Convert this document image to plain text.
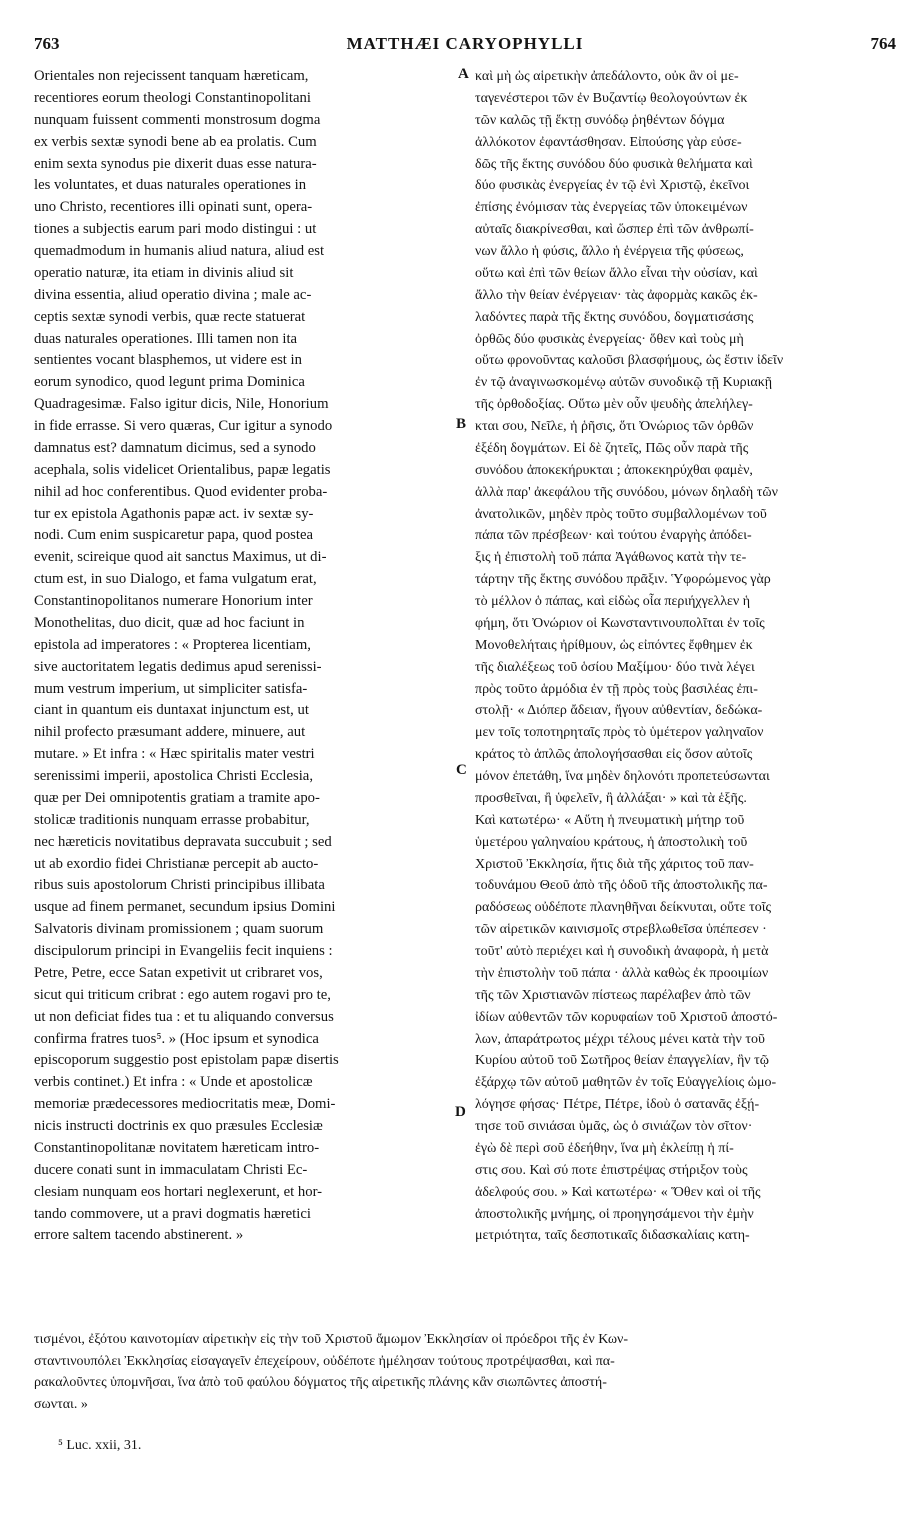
763	MATTHÆI CARYOPHYLLI	764
Orientales non rejecissent tanquam hæreticam,
recentiores eorum theologi Constantinopolitani
nunquam fuissent commenti monstrosum dogma
ex verbis sextæ synodi bene ab ea prolatis. Cum
enim sexta synodus pie dixerit duas esse natura-
les voluntates, et duas naturales operationes in
uno Christo, recentiores illi opinati sunt, opera-
tiones a subjectis earum pari modo distingui : ut
quemadmodum in humanis aliud natura, aliud est
operatio naturæ, ita etiam in divinis aliud sit
divina essentia, aliud operatio divina ; male ac-
ceptis sextæ synodi verbis, quæ recte statuerat
duas naturales operationes. Illi tamen non ita
sentientes vocant blasphemos, ut videre est in
eorum synodico, quod legunt prima Dominica
Quadragesimæ. Falso igitur dicis, Nile, Honorium
in fide errasse. Si vero quæras, Cur igitur a synodo
damnatus est? damnatum dicimus, sed a synodo
acephala, solis videlicet Orientalibus, papæ legatis
nihil ad hoc conferentibus. Quod evidenter proba-
tur ex epistola Agathonis papæ act. iv sextæ sy-
nodi. Cum enim suspicaretur papa, quod postea
evenit, scireique quod ait sanctus Maximus, ut di-
ctum est, in suo Dialogo, et fama vulgatum erat,
Constantinopolitanos numerare Honorium inter
Monothelitas, duo dicit, quæ ad hoc faciunt in
epistola ad imperatores : « Propterea licentiam,
sive auctoritatem legatis dedimus apud serenissi-
mum vestrum imperium, ut simpliciter satisfa-
ciant in quantum eis duntaxat injunctum est, ut
nihil profecto præsumant addere, minuere, aut
mutare. » Et infra : « Hæc spiritalis mater vestri
serenissimi imperii, apostolica Christi Ecclesia,
quæ per Dei omnipotentis gratiam a tramite apo-
stolicæ traditionis nunquam errasse probabitur,
nec hæreticis novitatibus depravata succubuit ; sed
ut ab exordio fidei Christianæ percepit ab aucto-
ribus suis apostolorum Christi principibus illibata
usque ad finem permanet, secundum ipsius Domini
Salvatoris divinam promissionem ; quam suorum
discipulorum principi in Evangeliis fecit inquiens :
Petre, Petre, ecce Satan expetivit ut cribraret vos,
sicut qui triticum cribrat : ego autem rogavi pro te,
ut non deficiat fides tua : et tu aliquando conversus
confirma fratres tuos⁵. » (Hoc ipsum et synodica
episcoporum suggestio post epistolam papæ disertis
verbis continet.) Et infra : « Unde et apostolicæ
memoriæ prædecessores mediocritatis meæ, Domi-
nicis instructi doctrinis ex quo præsules Ecclesiæ
Constantinopolitanæ novitatem hæreticam intro-
ducere conati sunt in immaculatam Christi Ec-
clesiam nunquam eos hortari neglexerunt, et hor-
tando commovere, ut a pravi dogmatis hæretici
errore saltem tacendo abstinerent. »
καὶ μὴ ὡς αἱρετικὴν ἀπεδάλοντο, οὐκ ἂν οἱ με-
ταγενέστεροι τῶν ἐν Βυζαντίῳ θεολογούντων ἐκ
τῶν καλῶς τῇ ἕκτῃ συνόδῳ ῥηθέντων δόγμα
ἀλλόκοτον ἐφαντάσθησαν. Εἰπούσης γὰρ εὐσε-
δῶς τῆς ἕκτης συνόδου δύο φυσικὰ θελήματα καὶ
δύο φυσικὰς ἐνεργείας ἐν τῷ ἑνὶ Χριστῷ, ἐκεῖνοι
ἐπίσης ἐνόμισαν τὰς ἐνεργείας τῶν ὑποκειμένων
αὐταῖς διακρίνεσθαι, καὶ ὥσπερ ἐπὶ τῶν ἀνθρωπί-
νων ἄλλο ἡ φύσις, ἄλλο ἡ ἐνέργεια τῆς φύσεως,
οὕτω καὶ ἐπὶ τῶν θείων ἄλλο εἶναι τὴν οὐσίαν, καὶ
ἄλλο τὴν θείαν ἐνέργειαν· τὰς ἀφορμὰς κακῶς ἐκ-
λαδόντες παρὰ τῆς ἕκτης συνόδου, δογματισάσης
ὀρθῶς δύο φυσικὰς ἐνεργείας· ὅθεν καὶ τοὺς μὴ
οὕτω φρονοῦντας καλοῦσι βλασφήμους, ὡς ἔστιν ἰδεῖν
ἐν τῷ ἀναγινωσκομένῳ αὐτῶν συνοδικῷ τῇ Κυριακῇ
τῆς ὀρθοδοξίας. Οὕτω μὲν οὖν ψευδὴς ἀπελήλεγ-
κται σου, Νεῖλε, ἡ ῥῆσις, ὅτι Ὀνώριος τῶν ὀρθῶν
ἐξέδη δογμάτων. Εἰ δὲ ζητεῖς, Πῶς οὖν παρὰ τῆς
συνόδου ἀποκεκήρυκται ; ἀποκεκηρύχθαι φαμὲν,
ἀλλὰ παρ' ἀκεφάλου τῆς συνόδου, μόνων δηλαδὴ τῶν
ἀνατολικῶν, μηδὲν πρὸς τοῦτο συμβαλλομένων τοῦ
πάπα τῶν πρέσβεων· καὶ τούτου ἐναργὴς ἀπόδει-
ξις ἡ ἐπιστολὴ τοῦ πάπα Ἀγάθωνος κατὰ τὴν τε-
τάρτην τῆς ἕκτης συνόδου πρᾶξιν. Ὑφορώμενος γὰρ
τὸ μέλλον ὁ πάπας, καὶ εἰδὼς οἷα περιήχγελλεν ἡ
φήμη, ὅτι Ὀνώριον οἱ Κωνσταντινουπολῖται ἐν τοῖς
Μονοθελήταις ἠρίθμουν, ὡς εἰπόντες ἔφθημεν ἐκ
τῆς διαλέξεως τοῦ ὁσίου Μαξίμου· δύο τινὰ λέγει
πρὸς τοῦτο ἁρμόδια ἐν τῇ πρὸς τοὺς βασιλέας ἐπι-
στολῇ· « Διόπερ ἄδειαν, ἤγουν αὐθεντίαν, δεδώκα-
μεν τοῖς τοποτηρηταῖς πρὸς τὸ ὑμέτερον γαληναῖον
κράτος τὸ ἁπλῶς ἀπολογήσασθαι εἰς ὅσον αὐτοῖς
μόνον ἐπετάθη, ἵνα μηδὲν δηλονότι προπετεύσωνται
προσθεῖναι, ἢ ὑφελεῖν, ἢ ἀλλάξαι· » καὶ τὰ ἑξῆς.
Καὶ κατωτέρω· « Αὕτη ἡ πνευματικὴ μήτηρ τοῦ
ὑμετέρου γαληναίου κράτους, ἡ ἀποστολικὴ τοῦ
Χριστοῦ Ἐκκλησία, ἥτις διὰ τῆς χάριτος τοῦ παν-
τοδυνάμου Θεοῦ ἀπὸ τῆς ὁδοῦ τῆς ἀποστολικῆς πα-
ραδόσεως οὐδέποτε πλανηθῆναι δείκνυται, οὔτε τοῖς
τῶν αἱρετικῶν καινισμοῖς στρεβλωθεῖσα ὑπέπεσεν ·
τοῦτ' αὐτὸ περιέχει καὶ ἡ συνοδικὴ ἀναφορὰ, ἡ μετὰ
τὴν ἐπιστολὴν τοῦ πάπα · ἀλλὰ καθὼς ἐκ προοιμίων
τῆς τῶν Χριστιανῶν πίστεως παρέλαβεν ἀπὸ τῶν
ἰδίων αὐθεντῶν τῶν κορυφαίων τοῦ Χριστοῦ ἀποστό-
λων, ἀπαράτρωτος μέχρι τέλους μένει κατὰ τὴν τοῦ
Κυρίου αὐτοῦ τοῦ Σωτῆρος θείαν ἐπαγγελίαν, ἣν τῷ
ἐξάρχῳ τῶν αὐτοῦ μαθητῶν ἐν τοῖς Εὐαγγελίοις ὡμο-
λόγησε φήσας· Πέτρε, Πέτρε, ἰδοὺ ὁ σατανᾶς ἐξῄ-
τησε τοῦ σινιάσαι ὑμᾶς, ὡς ὁ σινιάζων τὸν σῖτον·
ἐγὼ δὲ περὶ σοῦ ἐδεήθην, ἵνα μὴ ἐκλείπῃ ἡ πί-
στις σου. Καὶ σύ ποτε ἐπιστρέψας στήριξον τοὺς
ἀδελφούς σου. » Καὶ κατωτέρω· « Ὅθεν καὶ οἱ τῆς
ἀποστολικῆς μνήμης, οἱ προηγησάμενοι τὴν ἐμὴν
μετριότητα, ταῖς δεσποτικαῖς διδασκαλίαις κατη-
A
B
C
D
τισμένοι, ἐξότου καινοτομίαν αἱρετικὴν εἰς τὴν τοῦ Χριστοῦ ἄμωμον Ἐκκλησίαν οἱ πρόεδροι τῆς ἐν Κων-
σταντινουπόλει Ἐκκλησίας εἰσαγαγεῖν ἐπεχείρουν, οὐδέποτε ἠμέλησαν τούτους προτρέψασθαι, καὶ πα-
ρακαλοῦντες ὑπομνῆσαι, ἵνα ἀπὸ τοῦ φαύλου δόγματος τῆς αἱρετικῆς πλάνης κἂν σιωπῶντες ἀποστή-
σωνται. »
⁵ Luc. xxii, 31.
